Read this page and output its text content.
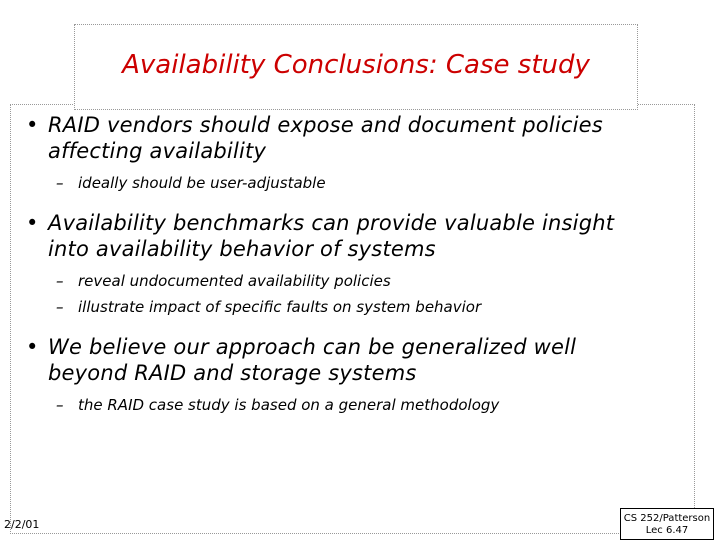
Availability Conclusions: Case study
• RAID vendors should expose and document policies
affecting availability
– ideally should be user-adjustable
• Availability benchmarks can provide valuable insight
into availability behavior of systems
– reveal undocumented availability policies
– illustrate impact of specific faults on system behavior
• We believe our approach can be generalized well
beyond RAID and storage systems
– the RAID case study is based on a general methodology
2/2/01	CS 252/Patterson
Lec 6.47
